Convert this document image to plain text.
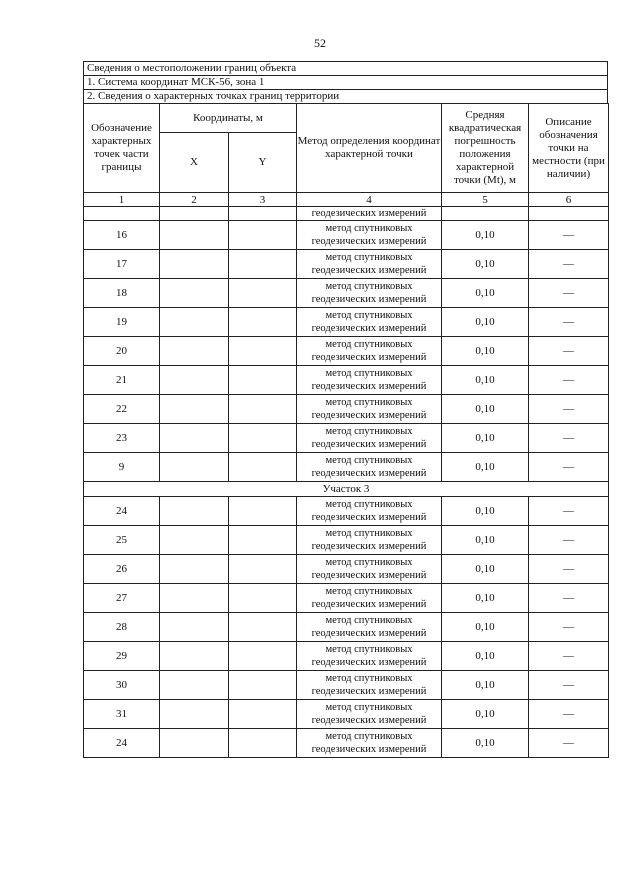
52
Сведения о местоположении границ объекта
1. Система координат МСК-56, зона 1
2. Сведения о характерных точках границ территории
Обозначение характерных точек части границы	Координаты, м		Метод определения координат характерной точки	Средняя квадратическая погрешность положения характерной точки (Mt), м	Описание обозначения точки на местности (при наличии)
	X	Y			
1	2	3	4	5	6
			геодезических измерений		
16			метод спутниковых
геодезических измерений	0,10	—
17			метод спутниковых
геодезических измерений	0,10	—
18			метод спутниковых
геодезических измерений	0,10	—
19			метод спутниковых
геодезических измерений	0,10	—
20			метод спутниковых
геодезических измерений	0,10	—
21			метод спутниковых
геодезических измерений	0,10	—
22			метод спутниковых
геодезических измерений	0,10	—
23			метод спутниковых
геодезических измерений	0,10	—
9			метод спутниковых
геодезических измерений	0,10	—
Участок 3					
24			метод спутниковых
геодезических измерений	0,10	—
25			метод спутниковых
геодезических измерений	0,10	—
26			метод спутниковых
геодезических измерений	0,10	—
27			метод спутниковых
геодезических измерений	0,10	—
28			метод спутниковых
геодезических измерений	0,10	—
29			метод спутниковых
геодезических измерений	0,10	—
30			метод спутниковых
геодезических измерений	0,10	—
31			метод спутниковых
геодезических измерений	0,10	—
24			метод спутниковых
геодезических измерений	0,10	—
